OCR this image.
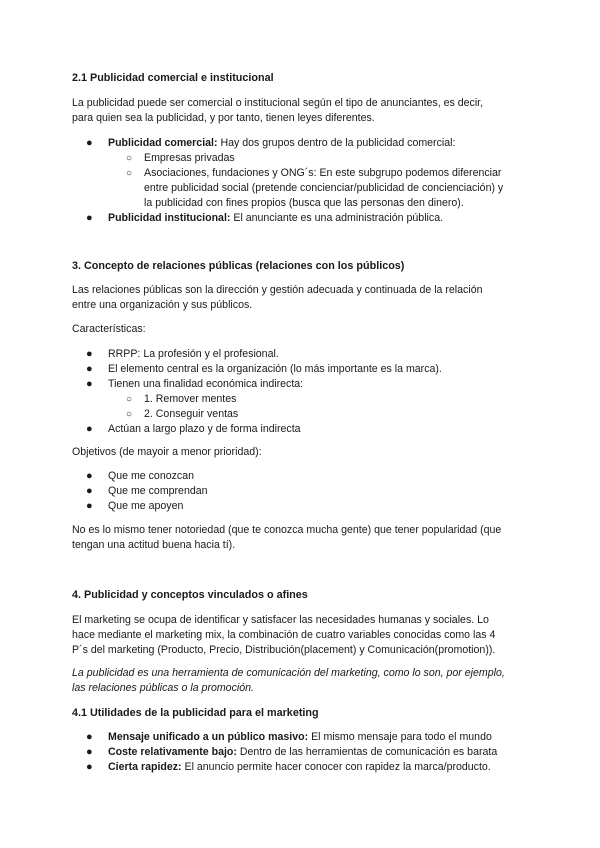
2.1 Publicidad comercial e institucional

La publicidad puede ser comercial o institucional según el tipo de anunciantes, es decir,

para quien sea la publicidad, y por tanto, tienen leyes diferentes.

● Publicidad comercial: Hay dos grupos dentro de la publicidad comercial:
○ Empresas privadas
○ Asociaciones, fundaciones y ONG´s: En este subgrupo podemos diferenciar
entre publicidad social (pretende concienciar/publicidad de concienciación) y
la publicidad con fines propios (busca que las personas den dinero).
● Publicidad institucional: El anunciante es una administración pública.
3. Concepto de relaciones públicas (relaciones con los públicos)

Las relaciones públicas son la dirección y gestión adecuada y continuada de la relación

entre una organización y sus públicos.

Características:

● RRPP: La profesión y el profesional.
● El elemento central es la organización (lo más importante es la marca).
● Tienen una finalidad económica indirecta:
○ 1. Remover mentes
○ 2. Conseguir ventas
● Actúan a largo plazo y de forma indirecta

Objetivos (de mayoir a menor prioridad):

● Que me conozcan
● Que me comprendan
● Que me apoyen

No es lo mismo tener notoriedad (que te conozca mucha gente) que tener popularidad (que

tengan una actitud buena hacia tí).

4. Publicidad y conceptos vinculados o afines

El marketing se ocupa de identificar y satisfacer las necesidades humanas y sociales. Lo

hace mediante el marketing mix, la combinación de cuatro variables conocidas como las 4

P´s del marketing (Producto, Precio, Distribución(placement) y Comunicación(promotion)).

La publicidad es una herramienta de comunicación del marketing, como lo son, por ejemplo,

las relaciones públicas o la promoción.

4.1 Utilidades de la publicidad para el marketing
● Mensaje unificado a un público masivo: El mismo mensaje para todo el mundo
● Coste relativamente bajo: Dentro de las herramientas de comunicación es barata
● Cierta rapidez: El anuncio permite hacer conocer con rapidez la marca/producto.
